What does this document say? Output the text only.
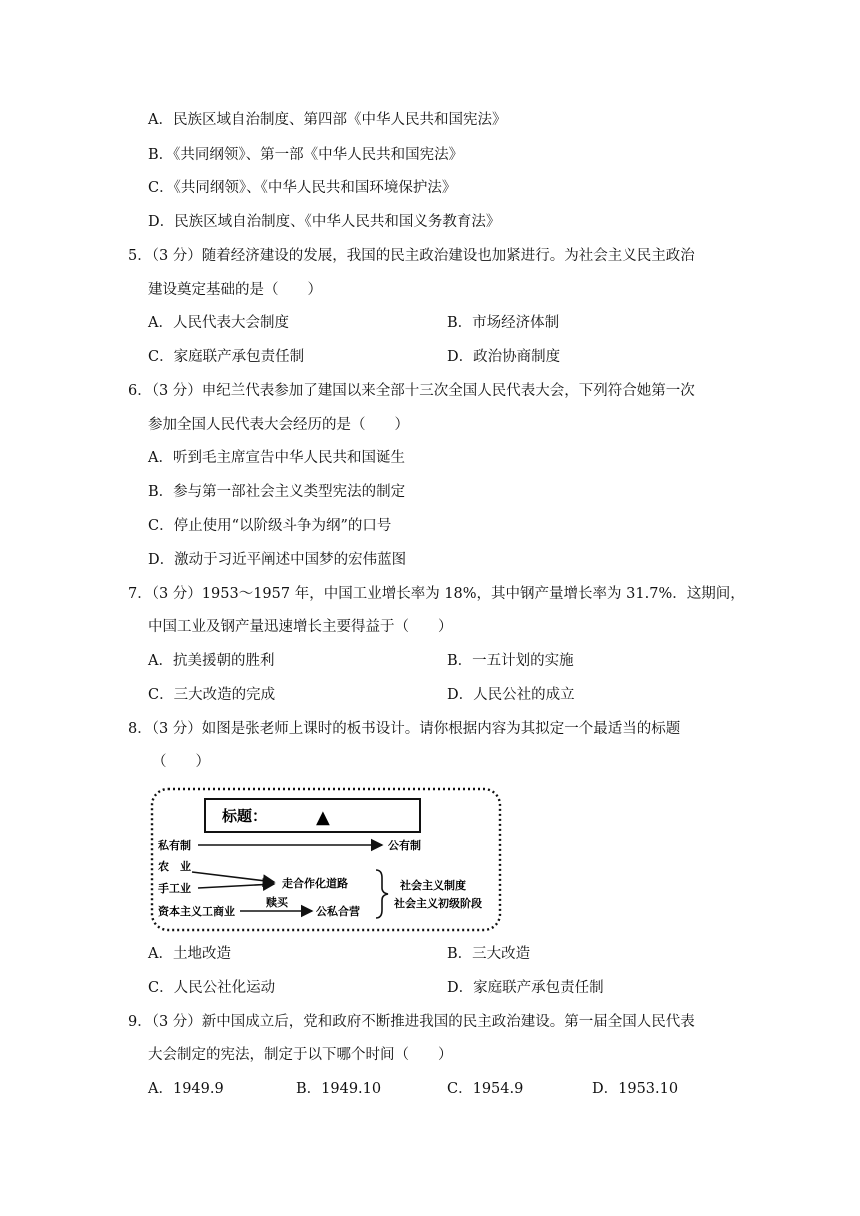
A．民族区域自治制度、第四部《中华人民共和国宪法》
B．《共同纲领》、第一部《中华人民共和国宪法》
C．《共同纲领》、《中华人民共和国环境保护法》
D．民族区域自治制度、《中华人民共和国义务教育法》
5．（3 分）随着经济建设的发展，我国的民主政治建设也加紧进行。为社会主义民主政治
建设奠定基础的是（　　）
A．人民代表大会制度	B．市场经济体制
C．家庭联产承包责任制	D．政治协商制度
6．（3 分）申纪兰代表参加了建国以来全部十三次全国人民代表大会，下列符合她第一次
参加全国人民代表大会经历的是（　　）
A．听到毛主席宣告中华人民共和国诞生
B．参与第一部社会主义类型宪法的制定
C．停止使用“以阶级斗争为纲”的口号
D．激动于习近平阐述中国梦的宏伟蓝图
7．（3 分）1953～1957 年，中国工业增长率为 18%，其中钢产量增长率为 31.7%．这期间，
中国工业及钢产量迅速增长主要得益于（　　）
A．抗美援朝的胜利	B．一五计划的实施
C．三大改造的完成	D．人民公社的成立
8．（3 分）如图是张老师上课时的板书设计。请你根据内容为其拟定一个最适当的标题
（　　）
标题：	▲
私有制	公有制
农　业
手工业	走合作化道路
资本主义工商业
赎买
公私合营
社会主义制度
社会主义初级阶段
A．土地改造	B．三大改造
C．人民公社化运动	D．家庭联产承包责任制
9．（3 分）新中国成立后，党和政府不断推进我国的民主政治建设。第一届全国人民代表
大会制定的宪法，制定于以下哪个时间（　　）
A．1949.9	B．1949.10	C．1954.9	D．1953.10
